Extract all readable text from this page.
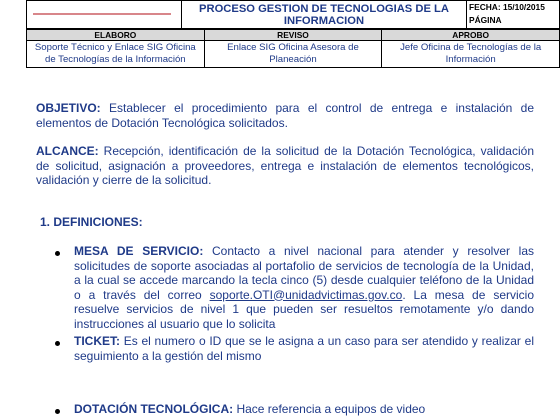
	PROCESO GESTION DE TECNOLOGIAS DE LA INFORMACION	
FECHA: 15/10/2015
PÁGINA
ELABORO	REVISO	APROBO
Soporte Técnico y Enlace SIG Oficina de Tecnologías de la Información	Enlace SIG Oficina Asesora de Planeación	Jefe Oficina de Tecnologías de la Información
OBJETIVO: Establecer el procedimiento para el control de entrega e instalación de elementos de Dotación Tecnológica solicitados.
ALCANCE: Recepción, identificación de la solicitud de la Dotación Tecnológica, validación de solicitud, asignación a proveedores, entrega e instalación de elementos tecnológicos, validación y cierre de la solicitud.
1. DEFINICIONES:
MESA DE SERVICIO: Contacto a nivel nacional para atender y resolver las solicitudes de soporte asociadas al portafolio de servicios de tecnología de la Unidad, a la cual se accede marcando la tecla cinco (5) desde cualquier teléfono de la Unidad o a través del correo soporte.OTI@unidadvictimas.gov.co. La mesa de servicio resuelve servicios de nivel 1 que pueden ser resueltos remotamente y/o dando instrucciones al usuario que lo solicita
TICKET: Es el numero o ID que se le asigna a un caso para ser atendido y realizar el seguimiento a la gestión del mismo
DOTACIÓN TECNOLÓGICA: Hace referencia a equipos de video
